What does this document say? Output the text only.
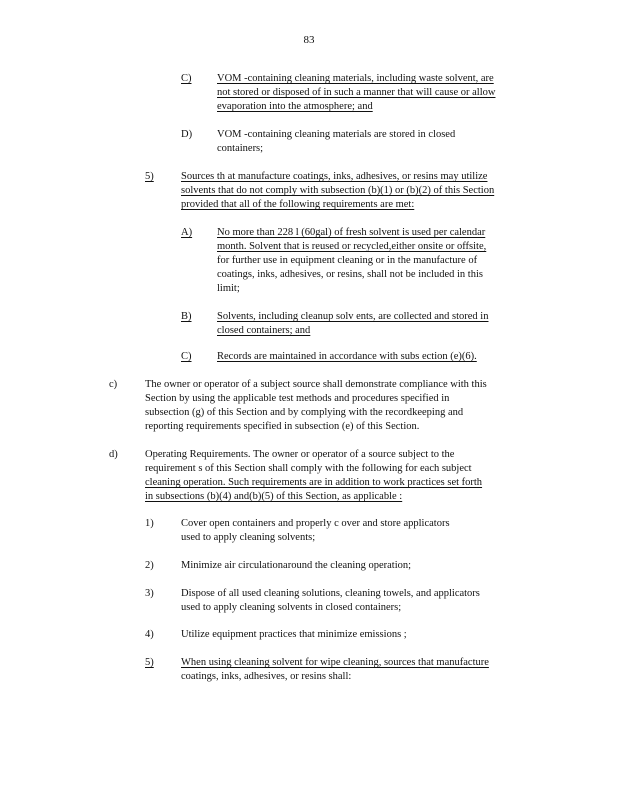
83
C) VOM -containing cleaning materials, including waste solvent, are
not stored or disposed of in such a manner that will cause or allow
evaporation into the atmosphere; and
D) VOM -containing cleaning materials are stored in closed
containers;
5)	Sources th at manufacture coatings, inks, adhesives, or resins may utilize
solvents that do not comply with subsection (b)(1) or (b)(2) of this Section
provided that all of the following requirements are met:
A) No more than 228 l (60gal) of fresh solvent is used per calendar
month. Solvent that is reused or recycled,either onsite or offsite,
for further use in equipment cleaning or in the manufacture of
coatings, inks, adhesives, or resins, shall not be included in this
limit;
B) Solvents, including cleanup solv ents, are collected and stored in
closed containers; and
C) Records are maintained in accordance with subs ection (e)(6).
c)	The owner or operator of a subject source shall demonstrate compliance with this
Section by using the applicable test methods and procedures specified in
subsection (g) of this Section and by complying with the recordkeeping and
reporting requirements specified in subsection (e) of this Section.
d)	Operating Requirements. The owner or operator of a source subject to the
requirement s of this Section shall comply with the following for each subject
cleaning operation. Such requirements are in addition to work practices set forth
in subsections (b)(4) and(b)(5) of this Section, as applicable :
1)	Cover open containers and properly c over and store applicators
used to apply cleaning solvents;
2)	Minimize air circulationaround the cleaning operation;
3)	Dispose of all used cleaning solutions, cleaning towels, and applicators
used to apply cleaning solvents in closed containers;
4)	Utilize equipment practices that minimize emissions ;
5)	When using cleaning solvent for wipe cleaning, sources that manufacture
coatings, inks, adhesives, or resins shall:
